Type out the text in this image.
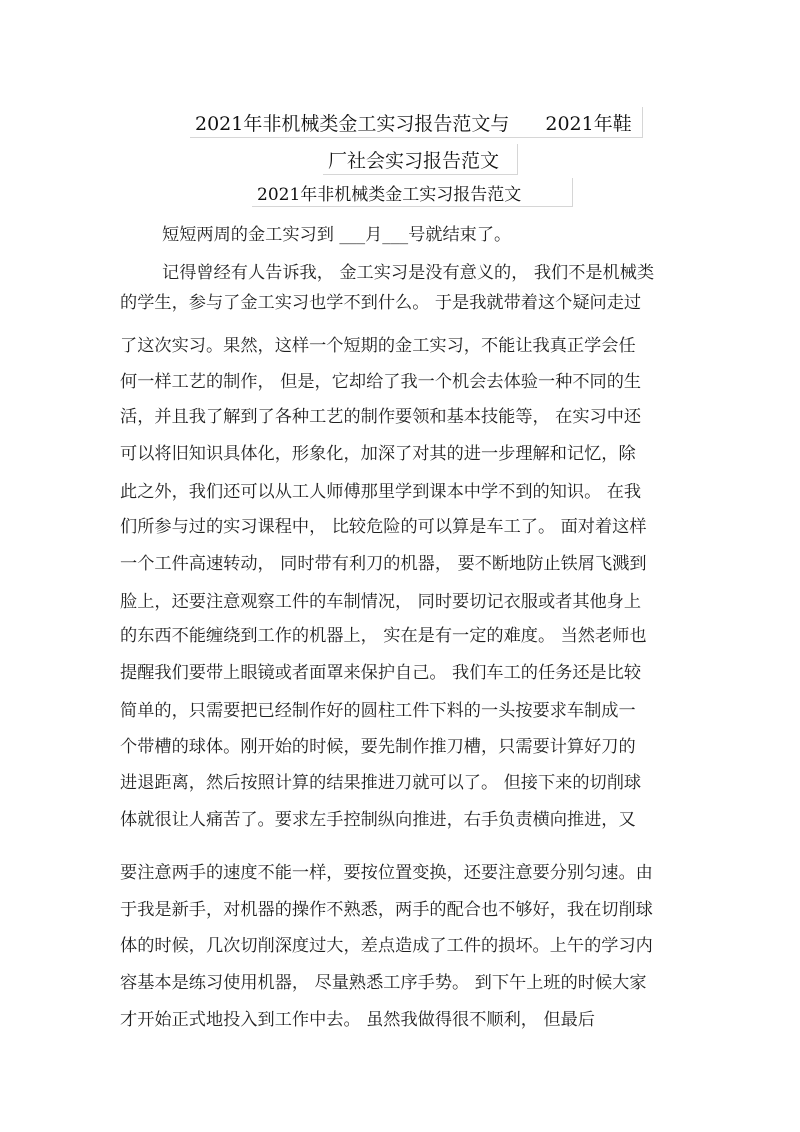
2021年非机械类金工实习报告范文与 2021年鞋
厂社会实习报告范文
2021年非机械类金工实习报告范文
短短两周的金工实习到 ___月___号就结束了。
记得曾经有人告诉我， 金工实习是没有意义的， 我们不是机械类
的学生，参与了金工实习也学不到什么。 于是我就带着这个疑问走过
了这次实习。果然，这样一个短期的金工实习，不能让我真正学会任
何一样工艺的制作， 但是，它却给了我一个机会去体验一种不同的生
活，并且我了解到了各种工艺的制作要领和基本技能等， 在实习中还
可以将旧知识具体化，形象化，加深了对其的进一步理解和记忆，除
此之外，我们还可以从工人师傅那里学到课本中学不到的知识。 在我
们所参与过的实习课程中， 比较危险的可以算是车工了。 面对着这样
一个工件高速转动， 同时带有利刀的机器， 要不断地防止铁屑飞溅到
脸上，还要注意观察工件的车制情况， 同时要切记衣服或者其他身上
的东西不能缠绕到工作的机器上， 实在是有一定的难度。 当然老师也
提醒我们要带上眼镜或者面罩来保护自己。 我们车工的任务还是比较
简单的，只需要把已经制作好的圆柱工件下料的一头按要求车制成一
个带槽的球体。刚开始的时候，要先制作推刀槽，只需要计算好刀的
进退距离，然后按照计算的结果推进刀就可以了。 但接下来的切削球
体就很让人痛苦了。要求左手控制纵向推进，右手负责横向推进，又
要注意两手的速度不能一样，要按位置变换，还要注意要分别匀速。由
于我是新手，对机器的操作不熟悉，两手的配合也不够好，我在切削球
体的时候，几次切削深度过大，差点造成了工件的损坏。上午的学习内
容基本是练习使用机器， 尽量熟悉工序手势。 到下午上班的时候大家
才开始正式地投入到工作中去。 虽然我做得很不顺利， 但最后
